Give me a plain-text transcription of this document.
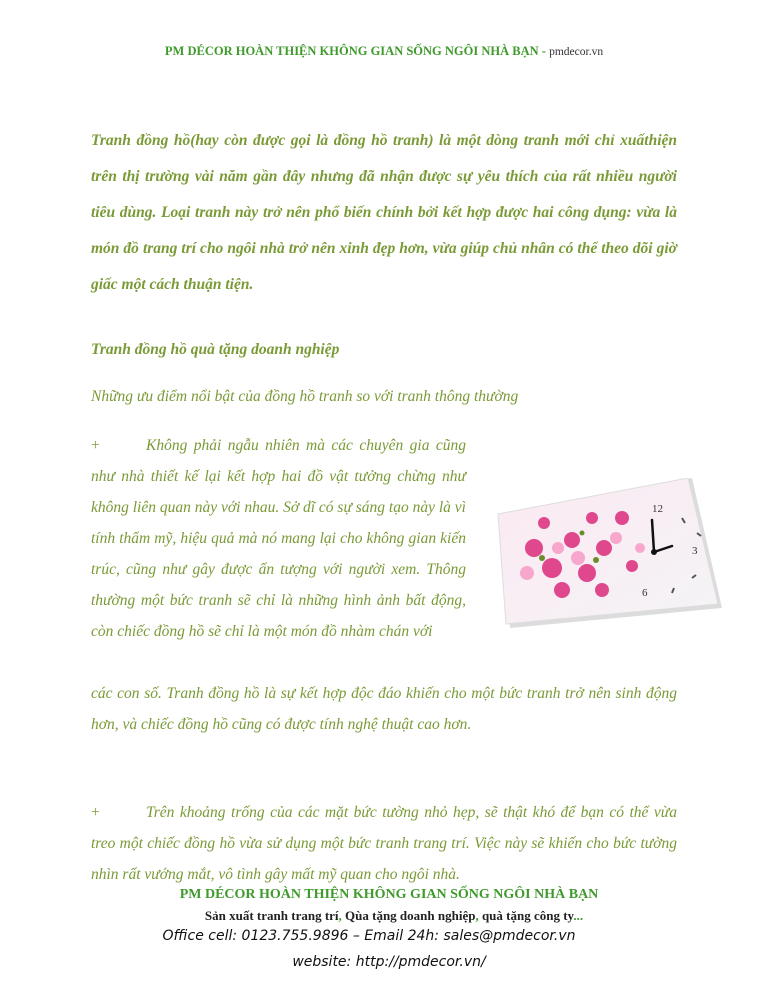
PM DÉCOR HOÀN THIỆN KHÔNG GIAN SỐNG NGÔI NHÀ BẠN - pmdecor.vn

Tranh đồng hồ(hay còn được gọi là đồng hồ tranh) là một dòng tranh mới chỉ xuấthiện trên thị trường vài năm gần đây nhưng đã nhận được sự yêu thích của rất nhiều người tiêu dùng. Loại tranh này trở nên phổ biến chính bởi kết hợp được hai công dụng: vừa là món đồ trang trí cho ngôi nhà trở nên xinh đẹp hơn, vừa giúp chủ nhân có thể theo dõi giờ giấc một cách thuận tiện.

Tranh đồng hồ quà tặng doanh nghiệp

Những ưu điểm nổi bật của đồng hồ tranh so với tranh thông thường

+	Không phải ngẫu nhiên mà các chuyên gia cũng như nhà thiết kế lại kết hợp hai đồ vật tưởng chừng như không liên quan này với nhau. Sở dĩ có sự sáng tạo này là vì tính thẩm mỹ, hiệu quả mà nó mang lại cho không gian kiến trúc, cũng như gây được ấn tượng với người xem. Thông thường một bức tranh sẽ chỉ là những hình ảnh bất động, còn chiếc đồng hồ sẽ chỉ là một món đồ nhàm chán với

các con số. Tranh đồng hồ là sự kết hợp độc đáo khiến cho một bức tranh trở nên sinh động hơn, và chiếc đồng hồ cũng có được tính nghệ thuật cao hơn.

12
3
6

+	Trên khoảng trống của các mặt bức tường nhỏ hẹp, sẽ thật khó để bạn có thể vừa treo một chiếc đồng hồ vừa sử dụng một bức tranh trang trí. Việc này sẽ khiến cho bức tường nhìn rất vướng mắt, vô tình gây mất mỹ quan cho ngôi nhà.

PM DÉCOR HOÀN THIỆN KHÔNG GIAN SỐNG NGÔI NHÀ BẠN
Sản xuất tranh trang trí, Qùa tặng doanh nghiệp, quà tặng công ty...
Office cell: 0123.755.9896 – Email 24h: sales@pmdecor.vn
website: http://pmdecor.vn/
